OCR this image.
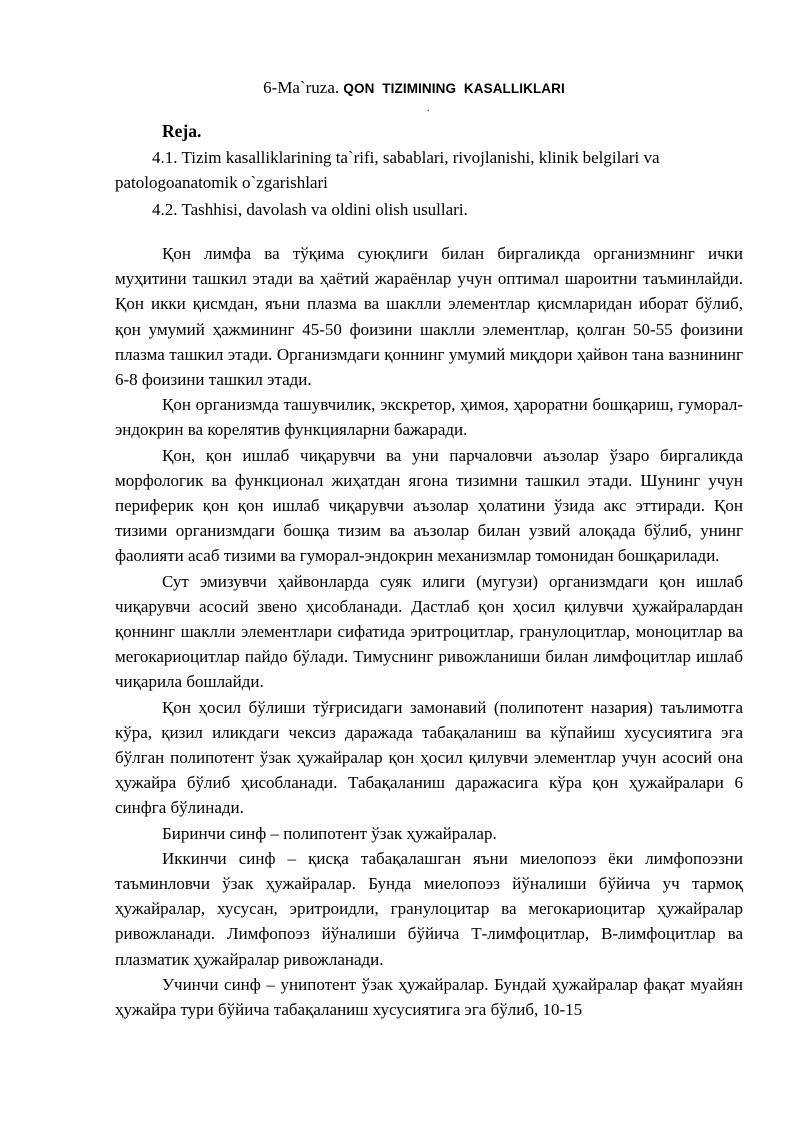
6-Ma`ruza. QON TIZIMINING KASALLIKLARI
.
Reja.

4.1. Tizim kasalliklarining ta`rifi, sabablari, rivojlanishi, klinik belgilari va patologoanatomik o`zgarishlari

4.2. Tashhisi, davolash va oldini olish usullari.

Қон лимфа ва тўқима суюқлиги билан биргаликда организмнинг ички муҳитини ташкил этади ва ҳаётий жараёнлар учун оптимал шароитни таъминлайди. Қон икки қисмдан, яъни плазма ва шаклли элементлар қисмларидан иборат бўлиб, қон умумий ҳажмининг 45-50 фоизини шаклли элементлар, қолган 50-55 фоизини плазма ташкил этади. Организмдаги қоннинг умумий миқдори ҳайвон тана вазнининг 6-8 фоизини ташкил этади.

Қон организмда ташувчилик, экскретор, ҳимоя, ҳароратни бошқариш, гуморал-эндокрин ва корелятив функцияларни бажаради.

Қон, қон ишлаб чиқарувчи ва уни парчаловчи аъзолар ўзаро биргаликда морфологик ва функционал жиҳатдан ягона тизимни ташкил этади. Шунинг учун периферик қон қон ишлаб чиқарувчи аъзолар ҳолатини ўзида акс эттиради. Қон тизими организмдаги бошқа тизим ва аъзолар билан узвий алоқада бўлиб, унинг фаолияти асаб тизими ва гуморал-эндокрин механизмлар томонидан бошқарилади.

Сут эмизувчи ҳайвонларда суяк илиги (мугузи) организмдаги қон ишлаб чиқарувчи асосий звено ҳисобланади. Дастлаб қон ҳосил қилувчи ҳужайралардан қоннинг шаклли элементлари сифатида эритроцитлар, гранулоцитлар, моноцитлар ва мегокариоцитлар пайдо бўлади. Тимуснинг ривожланиши билан лимфоцитлар ишлаб чиқарила бошлайди.

Қон ҳосил бўлиши тўғрисидаги замонавий (полипотент назария) таълимотга кўра, қизил иликдаги чексиз даражада табақаланиш ва кўпайиш хусусиятига эга бўлган полипотент ўзак ҳужайралар қон ҳосил қилувчи элементлар учун асосий она ҳужайра бўлиб ҳисобланади. Табақаланиш даражасига кўра қон ҳужайралари 6 синфга бўлинади.

Биринчи синф – полипотент ўзак ҳужайралар.

Иккинчи синф – қисқа табақалашган яъни миелопоэз ёки лимфопоэзни таъминловчи ўзак ҳужайралар. Бунда миелопоэз йўналиши бўйича уч тармоқ ҳужайралар, хусусан, эритроидли, гранулоцитар ва мегокариоцитар ҳужайралар ривожланади. Лимфопоэз йўналиши бўйича Т-лимфоцитлар, В-лимфоцитлар ва плазматик ҳужайралар ривожланади.

Учинчи синф – унипотент ўзак ҳужайралар. Бундай ҳужайралар фақат муайян ҳужайра тури бўйича табақаланиш хусусиятига эга бўлиб, 10-15
